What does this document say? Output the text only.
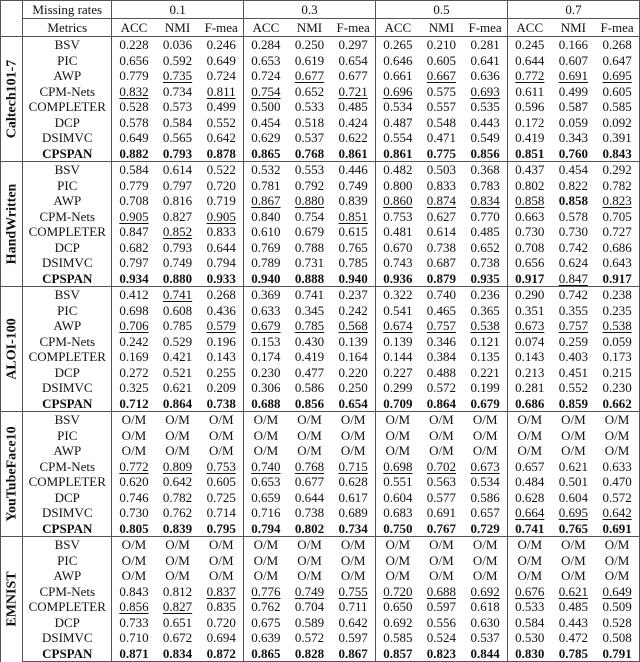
	Missing rates	0.1			0.3			0.5			0.7		
	Metrics	ACC	NMI	F-mea	ACC	NMI	F-mea	ACC	NMI	F-mea	ACC	NMI	F-mea

Caltech101-7	BSV	0.228	0.036	0.246	0.284	0.250	0.297	0.265	0.210	0.281	0.245	0.166	0.268
	PIC	0.656	0.592	0.649	0.653	0.619	0.654	0.646	0.605	0.641	0.644	0.607	0.647
	AWP	0.779	0.735	0.724	0.724	0.677	0.677	0.661	0.667	0.636	0.772	0.691	0.695
	CPM-Nets	0.832	0.734	0.811	0.754	0.652	0.721	0.696	0.575	0.693	0.611	0.499	0.605
	COMPLETER	0.528	0.573	0.499	0.500	0.533	0.485	0.534	0.557	0.535	0.596	0.587	0.585
	DCP	0.578	0.584	0.552	0.454	0.518	0.424	0.487	0.548	0.443	0.172	0.059	0.092
	DSIMVC	0.649	0.565	0.642	0.629	0.537	0.622	0.554	0.471	0.549	0.419	0.343	0.391
	CPSPAN	0.882	0.793	0.878	0.865	0.768	0.861	0.861	0.775	0.856	0.851	0.760	0.843

HandWritten	BSV	0.584	0.614	0.522	0.532	0.553	0.446	0.482	0.503	0.368	0.437	0.454	0.292
	PIC	0.779	0.797	0.720	0.781	0.792	0.749	0.800	0.833	0.783	0.802	0.822	0.782
	AWP	0.708	0.816	0.719	0.867	0.880	0.839	0.860	0.874	0.834	0.858	0.858	0.823
	CPM-Nets	0.905	0.827	0.905	0.840	0.754	0.851	0.753	0.627	0.770	0.663	0.578	0.705
	COMPLETER	0.847	0.852	0.833	0.610	0.679	0.615	0.481	0.614	0.485	0.730	0.730	0.727
	DCP	0.682	0.793	0.644	0.769	0.788	0.765	0.670	0.738	0.652	0.708	0.742	0.686
	DSIMVC	0.797	0.749	0.794	0.789	0.731	0.785	0.743	0.687	0.738	0.656	0.624	0.643
	CPSPAN	0.934	0.880	0.933	0.940	0.888	0.940	0.936	0.879	0.935	0.917	0.847	0.917

ALOI-100	BSV	0.412	0.741	0.268	0.369	0.741	0.237	0.322	0.740	0.236	0.290	0.742	0.238
	PIC	0.698	0.608	0.436	0.633	0.345	0.242	0.541	0.465	0.365	0.351	0.355	0.235
	AWP	0.706	0.785	0.579	0.679	0.785	0.568	0.674	0.757	0.538	0.673	0.757	0.538
	CPM-Nets	0.242	0.529	0.196	0.153	0.430	0.139	0.139	0.346	0.121	0.074	0.259	0.059
	COMPLETER	0.169	0.421	0.143	0.174	0.419	0.164	0.144	0.384	0.135	0.143	0.403	0.173
	DCP	0.272	0.521	0.255	0.230	0.477	0.220	0.227	0.488	0.221	0.213	0.451	0.215
	DSIMVC	0.325	0.621	0.209	0.306	0.586	0.250	0.299	0.572	0.199	0.281	0.552	0.230
	CPSPAN	0.712	0.864	0.738	0.688	0.856	0.654	0.709	0.864	0.679	0.686	0.859	0.662

YouTubeFace10	BSV	O/M	O/M	O/M	O/M	O/M	O/M	O/M	O/M	O/M	O/M	O/M	O/M
	PIC	O/M	O/M	O/M	O/M	O/M	O/M	O/M	O/M	O/M	O/M	O/M	O/M
	AWP	O/M	O/M	O/M	O/M	O/M	O/M	O/M	O/M	O/M	O/M	O/M	O/M
	CPM-Nets	0.772	0.809	0.753	0.740	0.768	0.715	0.698	0.702	0.673	0.657	0.621	0.633
	COMPLETER	0.620	0.642	0.605	0.653	0.677	0.628	0.551	0.563	0.534	0.484	0.501	0.470
	DCP	0.746	0.782	0.725	0.659	0.644	0.617	0.604	0.577	0.586	0.628	0.604	0.572
	DSIMVC	0.730	0.762	0.714	0.716	0.738	0.689	0.683	0.691	0.657	0.664	0.695	0.642
	CPSPAN	0.805	0.839	0.795	0.794	0.802	0.734	0.750	0.767	0.729	0.741	0.765	0.691

EMNIST	BSV	O/M	O/M	O/M	O/M	O/M	O/M	O/M	O/M	O/M	O/M	O/M	O/M
	PIC	O/M	O/M	O/M	O/M	O/M	O/M	O/M	O/M	O/M	O/M	O/M	O/M
	AWP	O/M	O/M	O/M	O/M	O/M	O/M	O/M	O/M	O/M	O/M	O/M	O/M
	CPM-Nets	0.843	0.812	0.837	0.776	0.749	0.755	0.720	0.688	0.692	0.676	0.621	0.649
	COMPLETER	0.856	0.827	0.835	0.762	0.704	0.711	0.650	0.597	0.618	0.533	0.485	0.509
	DCP	0.733	0.651	0.720	0.675	0.589	0.642	0.692	0.556	0.630	0.584	0.443	0.528
	DSIMVC	0.710	0.672	0.694	0.639	0.572	0.597	0.585	0.524	0.537	0.530	0.472	0.508
	CPSPAN	0.871	0.834	0.872	0.865	0.828	0.867	0.857	0.823	0.844	0.830	0.785	0.791
